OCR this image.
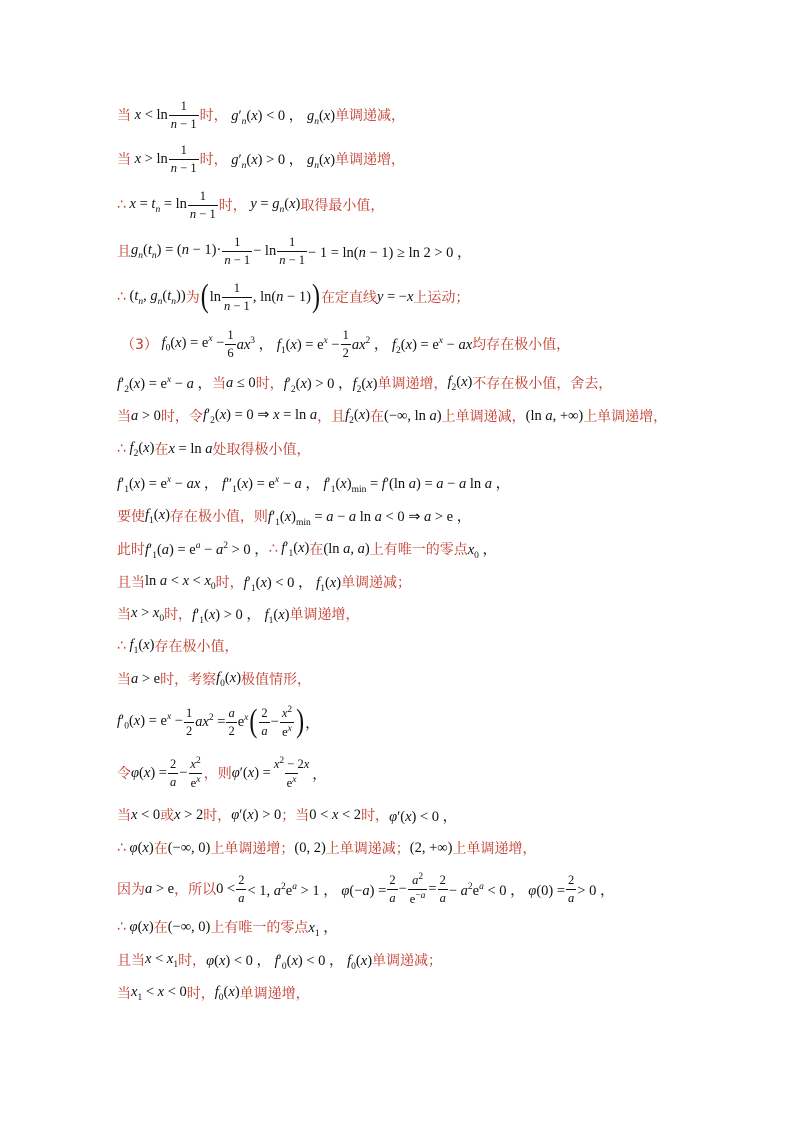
当 $x < \ln \frac{1}{n - 1}$ 时， $g'_n(x) < 0$ ， $g_n(x)$ 单调递减，
当 $x > \ln \frac{1}{n - 1}$ 时， $g'_n(x) > 0$ ， $g_n(x)$ 单调递增，
∴ $x = t_n = \ln \frac{1}{n - 1}$ 时， $y = g_n(x)$ 取得最小值，
且 $g_n(t_n) = (n - 1)\cdot \frac{1}{n - 1} - \ln \frac{1}{n - 1} - 1 = \ln(n - 1) \ge \ln 2 > 0$ ，
∴ ($t_n$, $g_n(t_n)$) 为 ( $\ln \frac{1}{n - 1}$ , ln(n − 1) ) 在定直线 y = −x 上运动；
（3） $f_0(x) = e^x - \frac{1}{6} ax^3$ ， $f_1(x) = e^x - \frac{1}{2} ax^2$ ， $f_2(x) = e^x$ − ax 均存在极小值，
$f'_2(x) = e^x - a$ ， 当 a ≤ 0 时， $f'_2(x) > 0$ ，$f_2(x)$ 单调递增， $f_2(x)$ 不存在极小值，舍去，
当 a > 0 时，令 $f'_2(x) = 0$ ⇒ x = ln a ，且 $f_2(x)$ 在 (−∞, ln a) 上单调递减， (ln a, +∞) 上单调递增，
∴ $f_2(x)$ 在 x = ln a 处取得极小值，
$f'_1(x) = e^x$ − ax ， $f''_1(x) = e^x - a$ ， $f'_1(x)_{min} = f'(\ln$ a) = a − a ln a ，
要使 $f_1(x)$ 存在极小值，则 $f'_1(x)_{min} = a - a$ ln a < 0 ⇒ a > e ，
此时 $f'_1(a) = e^a - a^2 > 0$ ， ∴ $f'_1(x)$ 在 (ln a, a) 上有唯一的零点 $x_0$ ，
且当 $\ln a < x < x_0$ 时， $f'_1(x) < 0$ ， $f_1(x)$ 单调递减；
当 $x > x_0$ 时， $f'_1(x) > 0$ ， $f_1(x)$ 单调递增，
∴ $f_1(x)$ 存在极小值，
当 a > e 时，考察 $f_0(x)$ 极值情形，
$f'_0(x) = e^x - \frac{1}{2} ax^2 = \frac{a}{2} e^x$ ( $\frac{2}{a} - \frac{x^2}{e^x}$ ) ，
令 $\varphi(x) = \frac{2}{a} - \frac{x^2}{e^x}$ ，则 $\varphi'(x) = \frac{x^2 - 2x}{e^x}$ ，
当 x < 0 或 x > 2 时， φ′(x) > 0 ；当 0 < x < 2 时， φ′(x) < 0 ，
∴ φ(x) 在 (−∞, 0) 上单调递增； (0, 2) 上单调递减； (2, +∞) 上单调递增，
因为 a > e ，所以 $0 < \frac{2}{a} < 1$, $a^2e^a > 1$ ， $\varphi(-a) = \frac{2}{a} - \frac{a^2}{e^{-a}} = \frac{2}{a} - a^2e^a < 0$ ， $\varphi(0) = \frac{2}{a} > 0$ ，
∴ φ(x) 在 (−∞, 0) 上有唯一的零点 $x_1$ ，
且当 $x < x_1$ 时， φ(x) < 0 ， $f'_0(x) < 0$ ， $f_0(x)$ 单调递减；
当 $x_1 < x < 0$ 时， $f_0(x)$ 单调递增，
